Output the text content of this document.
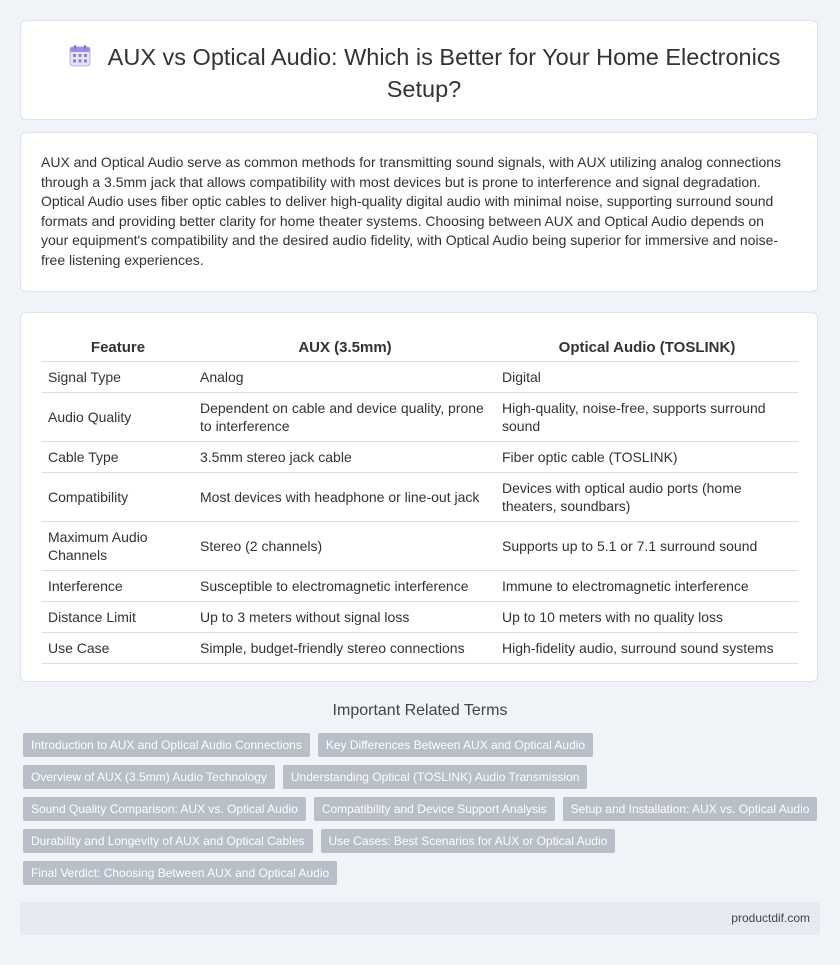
AUX vs Optical Audio: Which is Better for Your Home Electronics Setup?

AUX and Optical Audio serve as common methods for transmitting sound signals, with AUX utilizing analog connections through a 3.5mm jack that allows compatibility with most devices but is prone to interference and signal degradation. Optical Audio uses fiber optic cables to deliver high-quality digital audio with minimal noise, supporting surround sound formats and providing better clarity for home theater systems. Choosing between AUX and Optical Audio depends on your equipment's compatibility and the desired audio fidelity, with Optical Audio being superior for immersive and noise-free listening experiences.

Feature	AUX (3.5mm)	Optical Audio (TOSLINK)
Signal Type	Analog	Digital
Audio Quality	Dependent on cable and device quality, prone to interference	High-quality, noise-free, supports surround sound
Cable Type	3.5mm stereo jack cable	Fiber optic cable (TOSLINK)
Compatibility	Most devices with headphone or line-out jack	Devices with optical audio ports (home theaters, soundbars)
Maximum Audio Channels	Stereo (2 channels)	Supports up to 5.1 or 7.1 surround sound
Interference	Susceptible to electromagnetic interference	Immune to electromagnetic interference
Distance Limit	Up to 3 meters without signal loss	Up to 10 meters with no quality loss
Use Case	Simple, budget-friendly stereo connections	High-fidelity audio, surround sound systems
Important Related Terms
Introduction to AUX and Optical Audio Connections	Key Differences Between AUX and Optical Audio
Overview of AUX (3.5mm) Audio Technology	Understanding Optical (TOSLINK) Audio Transmission
Sound Quality Comparison: AUX vs. Optical Audio	Compatibility and Device Support Analysis	Setup and Installation: AUX vs. Optical Audio
Durability and Longevity of AUX and Optical Cables	Use Cases: Best Scenarios for AUX or Optical Audio
Final Verdict: Choosing Between AUX and Optical Audio
productdif.com
